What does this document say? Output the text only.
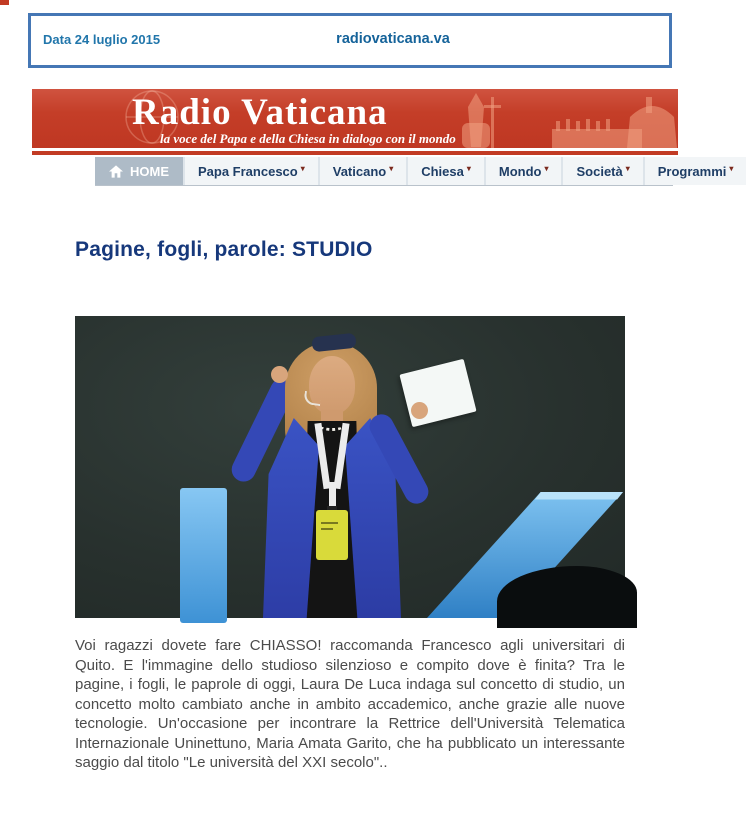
Data 24 luglio 2015	radiovaticana.va
Radio Vaticana
la voce del Papa e della Chiesa in dialogo con il mondo
HOME Papa Francesco ▾ Vaticano ▾ Chiesa ▾ Mondo ▾ Società ▾ Programmi ▾
Pagine, fogli, parole: STUDIO

Voi ragazzi dovete fare CHIASSO! raccomanda Francesco agli universitari di Quito. E l'immagine dello studioso silenzioso e compito dove è finita? Tra le pagine, i fogli, le paprole di oggi, Laura De Luca indaga sul concetto di studio, un concetto molto cambiato anche in ambito accademico, anche grazie alle nuove tecnologie. Un'occasione per incontrare la Rettrice dell'Università Telematica Internazionale Uninettuno, Maria Amata Garito, che ha pubblicato un interessante saggio dal titolo "Le università del XXI secolo"..
